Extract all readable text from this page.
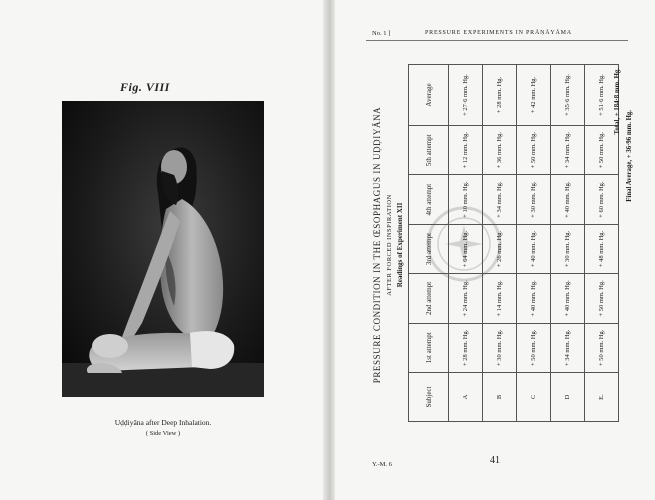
Fig. VIII
Uḍḍiyāna after Deep Inhalation.
( Side View )
No. 1 ]	PRESSURE EXPERIMENTS IN PRĀṆĀYĀMA
PRESSURE CONDITION IN THE ŒSOPHAGUS IN UḌḌIYĀNA AFTER FORCED INSPIRATION Readings of Experiment XII
Subject	1st attempt	2nd attempt	3rd attempt	4th attempt	5th attempt	Average
A	+ 28 mm. Hg.	+ 24 mm. Hg.	+ 64 mm. Hg.	+ 10 mm. Hg.	+ 12 mm. Hg.	+ 27·6 mm. Hg.
B	+ 30 mm. Hg.	+ 14 mm. Hg.	+ 26 mm. Hg.	+ 34 mm. Hg.	+ 36 mm. Hg.	+ 28 mm. Hg.
C	+ 50 mm. Hg.	+ 40 mm. Hg.	+ 40 mm. Hg.	+ 30 mm. Hg.	+ 50 mm. Hg.	+ 42 mm. Hg.
D	+ 34 mm. Hg.	+ 40 mm. Hg.	+ 30 mm. Hg.	+ 40 mm. Hg.	+ 34 mm. Hg.	+ 35·6 mm. Hg.
E.	+ 50 mm. Hg.	+ 50 mm. Hg.	+ 48 mm. Hg.	+ 60 mm. Hg.	+ 50 mm. Hg.	+ 51·6 mm. Hg. Total, + 184·8 mm. Hg.
Final Average, + 36·96 mm. Hg.
Y.-M. 6	41
